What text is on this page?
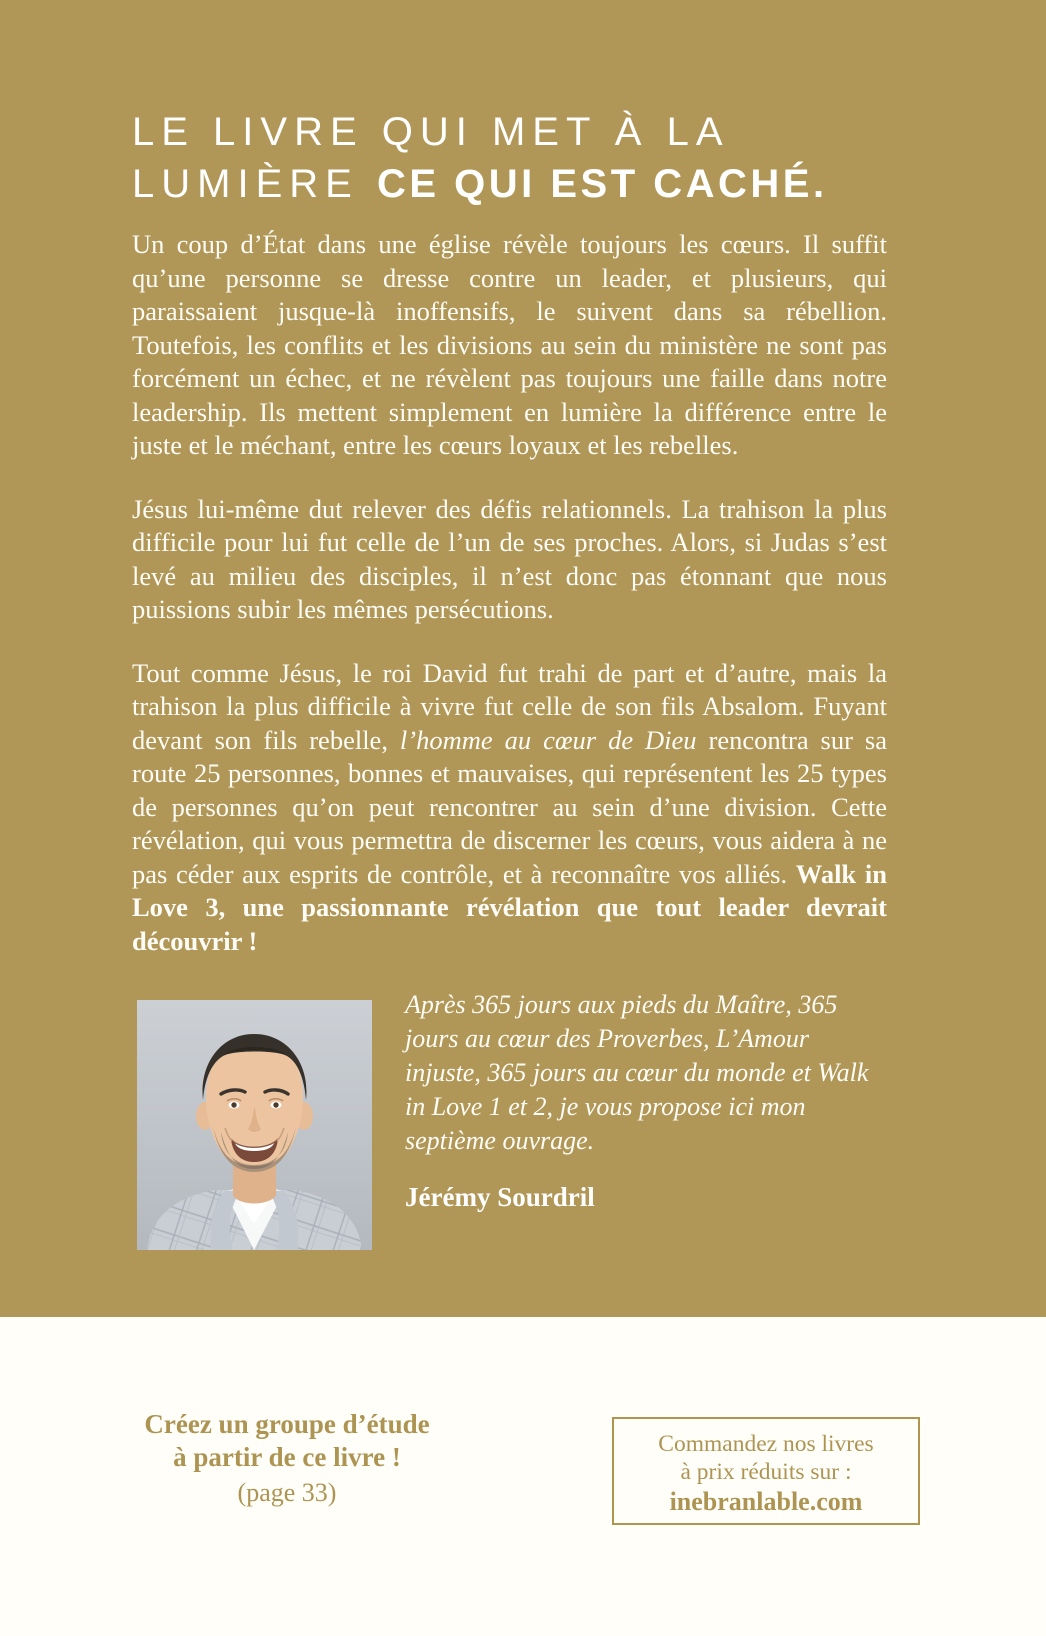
LE LIVRE QUI MET À LA
LUMIÈRE CE QUI EST CACHÉ.

Un coup d’État dans une église révèle toujours les cœurs. Il suffit qu’une personne se dresse contre un leader, et plusieurs, qui paraissaient jusque-là inoffensifs, le suivent dans sa rébellion. Toutefois, les conflits et les divisions au sein du ministère ne sont pas forcément un échec, et ne révèlent pas toujours une faille dans notre leadership. Ils mettent simplement en lumière la différence entre le juste et le méchant, entre les cœurs loyaux et les rebelles.

Jésus lui-même dut relever des défis relationnels. La trahison la plus difficile pour lui fut celle de l’un de ses proches. Alors, si Judas s’est levé au milieu des disciples, il n’est donc pas étonnant que nous puissions subir les mêmes persécutions.

Tout comme Jésus, le roi David fut trahi de part et d’autre, mais la trahison la plus difficile à vivre fut celle de son fils Absalom. Fuyant devant son fils rebelle, l’homme au cœur de Dieu rencontra sur sa route 25 personnes, bonnes et mauvaises, qui représentent les 25 types de personnes qu’on peut rencontrer au sein d’une division. Cette révélation, qui vous permettra de discerner les cœurs, vous aidera à ne pas céder aux esprits de contrôle, et à reconnaître vos alliés. Walk in Love 3, une passionnante révélation que tout leader devrait découvrir !

Après 365 jours aux pieds du Maître, 365 jours au cœur des Proverbes, L’Amour injuste, 365 jours au cœur du monde et Walk in Love 1 et 2, je vous propose ici mon septième ouvrage.

Jérémy Sourdril

Créez un groupe d’étude

à partir de ce livre !

(page 33)

Commandez nos livres

à prix réduits sur :

inebranlable.com
